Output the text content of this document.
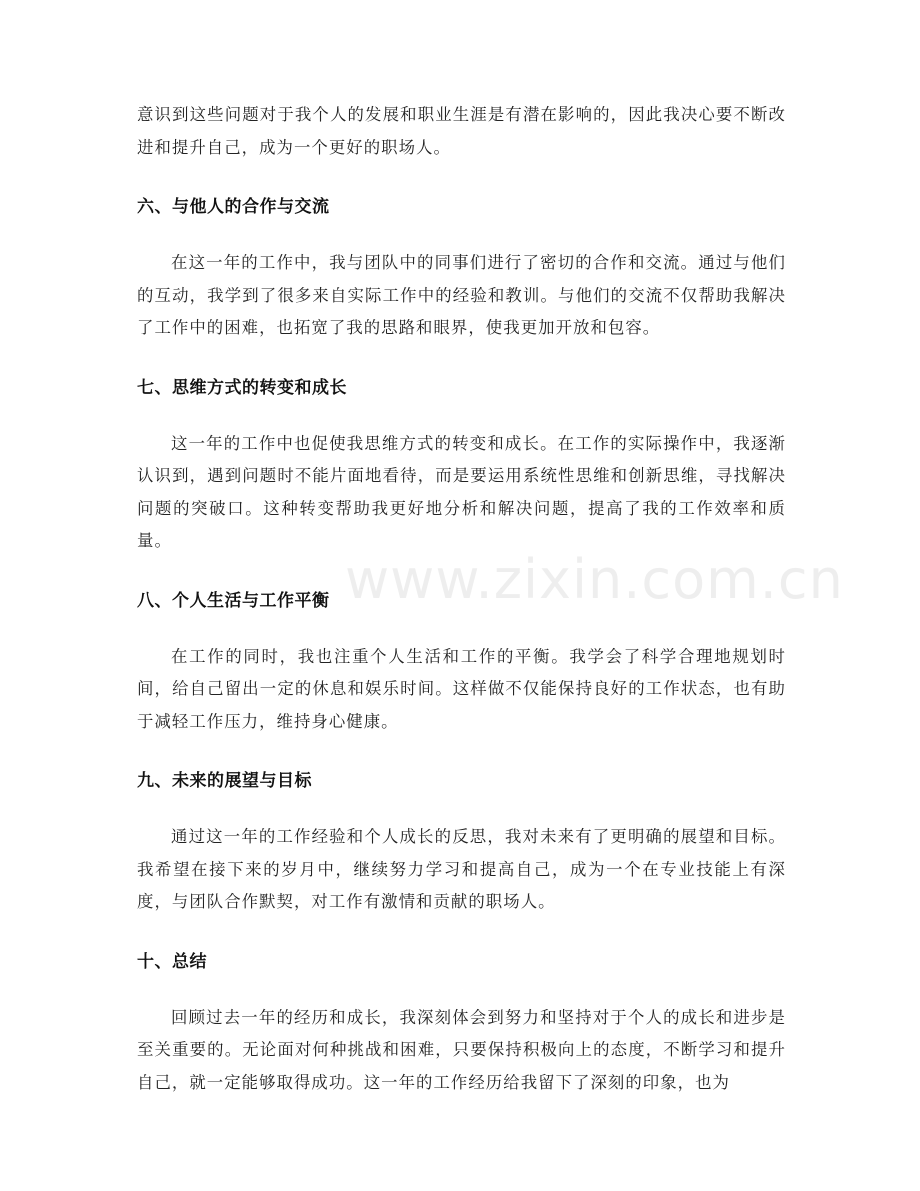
意识到这些问题对于我个人的发展和职业生涯是有潜在影响的，因此我决心要不断改进和提升自己，成为一个更好的职场人。

六、与他人的合作与交流

在这一年的工作中，我与团队中的同事们进行了密切的合作和交流。通过与他们的互动，我学到了很多来自实际工作中的经验和教训。与他们的交流不仅帮助我解决了工作中的困难，也拓宽了我的思路和眼界，使我更加开放和包容。

七、思维方式的转变和成长

这一年的工作中也促使我思维方式的转变和成长。在工作的实际操作中，我逐渐认识到，遇到问题时不能片面地看待，而是要运用系统性思维和创新思维，寻找解决问题的突破口。这种转变帮助我更好地分析和解决问题，提高了我的工作效率和质量。

八、个人生活与工作平衡

在工作的同时，我也注重个人生活和工作的平衡。我学会了科学合理地规划时间，给自己留出一定的休息和娱乐时间。这样做不仅能保持良好的工作状态，也有助于减轻工作压力，维持身心健康。

九、未来的展望与目标

通过这一年的工作经验和个人成长的反思，我对未来有了更明确的展望和目标。我希望在接下来的岁月中，继续努力学习和提高自己，成为一个在专业技能上有深度，与团队合作默契，对工作有激情和贡献的职场人。

十、总结

回顾过去一年的经历和成长，我深刻体会到努力和坚持对于个人的成长和进步是至关重要的。无论面对何种挑战和困难，只要保持积极向上的态度，不断学习和提升自己，就一定能够取得成功。这一年的工作经历给我留下了深刻的印象，也为

www.zixin.com.cn
